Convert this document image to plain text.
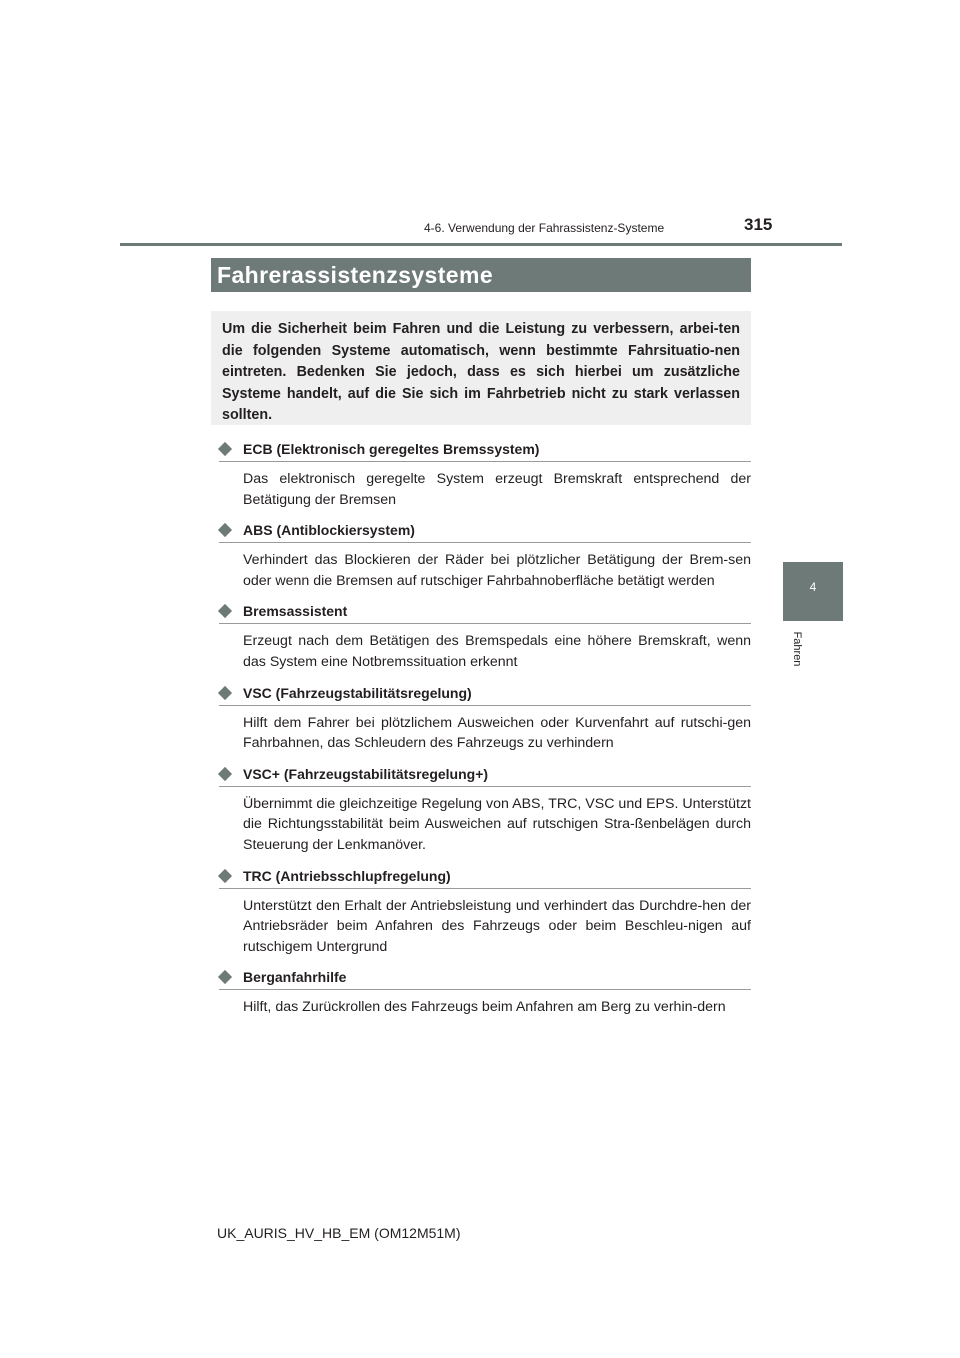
4-6. Verwendung der Fahrassistenz-Systeme	315
4
Fahren
Fahrerassistenzsysteme

Um die Sicherheit beim Fahren und die Leistung zu verbessern, arbei-ten die folgenden Systeme automatisch, wenn bestimmte Fahrsituatio-nen eintreten. Bedenken Sie jedoch, dass es sich hierbei um zusätzliche Systeme handelt, auf die Sie sich im Fahrbetrieb nicht zu stark verlassen sollten.

ECB (Elektronisch geregeltes Bremssystem)

Das elektronisch geregelte System erzeugt Bremskraft entsprechend der Betätigung der Bremsen

ABS (Antiblockiersystem)

Verhindert das Blockieren der Räder bei plötzlicher Betätigung der Brem-sen oder wenn die Bremsen auf rutschiger Fahrbahnoberfläche betätigt werden

Bremsassistent

Erzeugt nach dem Betätigen des Bremspedals eine höhere Bremskraft, wenn das System eine Notbremssituation erkennt

VSC (Fahrzeugstabilitätsregelung)

Hilft dem Fahrer bei plötzlichem Ausweichen oder Kurvenfahrt auf rutschi-gen Fahrbahnen, das Schleudern des Fahrzeugs zu verhindern

VSC+ (Fahrzeugstabilitätsregelung+)

Übernimmt die gleichzeitige Regelung von ABS, TRC, VSC und EPS. Unterstützt die Richtungsstabilität beim Ausweichen auf rutschigen Stra-ßenbelägen durch Steuerung der Lenkmanöver.

TRC (Antriebsschlupfregelung)

Unterstützt den Erhalt der Antriebsleistung und verhindert das Durchdre-hen der Antriebsräder beim Anfahren des Fahrzeugs oder beim Beschleu-nigen auf rutschigem Untergrund

Berganfahrhilfe

Hilft, das Zurückrollen des Fahrzeugs beim Anfahren am Berg zu verhin-dern

UK_AURIS_HV_HB_EM (OM12M51M)
